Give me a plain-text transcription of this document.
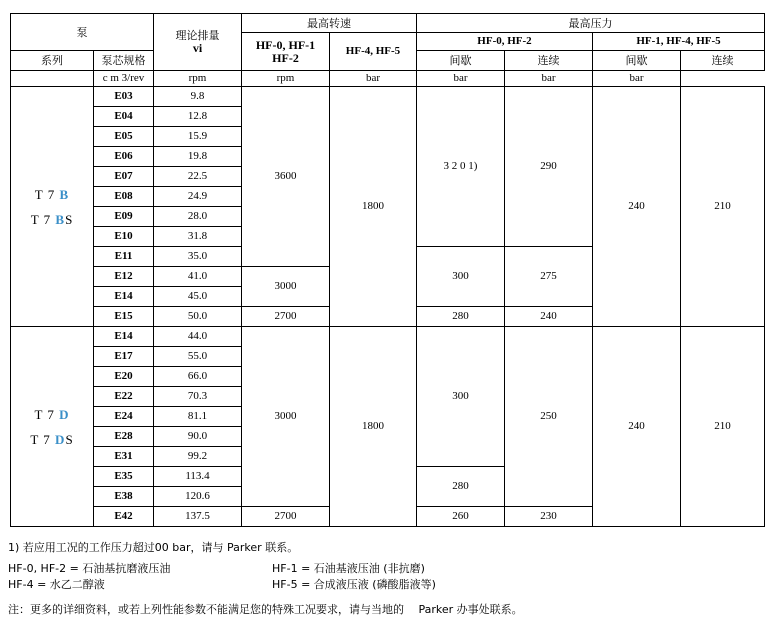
泵		理论排量
vi	最高转速		最高压力			

			HF-0, HF-1
HF-2	HF-4, HF-5	HF-0, HF-2		HF-1, HF-4, HF-5	
系列	泵芯规格				间歇	连续	间歇	连续
	c m 3/rev	rpm	rpm	bar	bar	bar	bar	

T 7 B
T 7 BS	E03	9.8	3600	1800	3 2 0 1)	290	240	210
	E04	12.8						
	E05	15.9						
	E06	19.8						
	E07	22.5						
	E08	24.9						
	E09	28.0						
	E10	31.8						
	E11	35.0			300	275		
	E12	41.0	3000					
	E14	45.0						
	E15	50.0	2700		280	240		

T 7 D
T 7 DS	E14	44.0	3000	1800	300	250	240	210
	E17	55.0						
	E20	66.0						
	E22	70.3						
	E24	81.1						
	E28	90.0						
	E31	99.2						
	E35	113.4			280			
	E38	120.6						
	E42	137.5	2700		260	230		
1) 若应用工况的工作压力超过00 bar，请与 Parker 联系。
HF-0, HF-2 = 石油基抗磨液压油	HF-1 = 石油基液压油 (非抗磨)
HF-4 = 水乙二醇液	HF-5 = 合成液压液 (磷酸脂液等)
注：更多的详细资料，或若上列性能参数不能满足您的特殊工况要求，请与当地的　 Parker 办事处联系。
